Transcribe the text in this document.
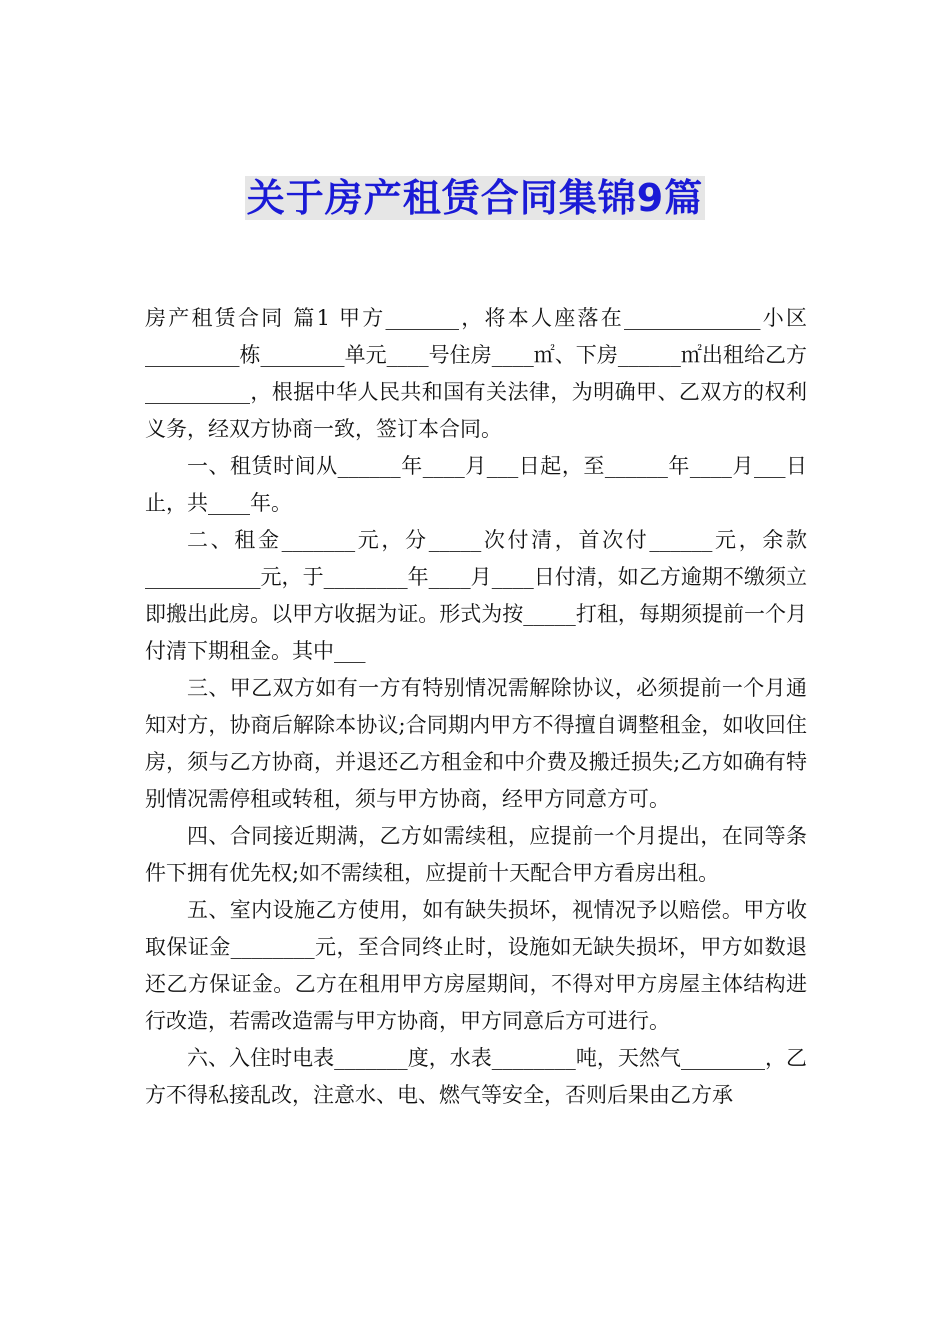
关于房产租赁合同集锦9篇

房产租赁合同 篇1 甲方_______，将本人座落在_____________小区_________栋________单元____号住房____㎡、下房______㎡出租给乙方__________，根据中华人民共和国有关法律，为明确甲、乙双方的权利义务，经双方协商一致，签订本合同。

一、租赁时间从______年____月___日起，至______年____月___日止，共____年。

二、租金_______元，分_____次付清，首次付______元，余款___________元，于________年____月____日付清，如乙方逾期不缴须立即搬出此房。以甲方收据为证。形式为按_____打租，每期须提前一个月付清下期租金。其中___

三、甲乙双方如有一方有特别情况需解除协议，必须提前一个月通知对方，协商后解除本协议;合同期内甲方不得擅自调整租金，如收回住房，须与乙方协商，并退还乙方租金和中介费及搬迁损失;乙方如确有特别情况需停租或转租，须与甲方协商，经甲方同意方可。

四、合同接近期满，乙方如需续租，应提前一个月提出，在同等条件下拥有优先权;如不需续租，应提前十天配合甲方看房出租。

五、室内设施乙方使用，如有缺失损坏，视情况予以赔偿。甲方收取保证金________元，至合同终止时，设施如无缺失损坏，甲方如数退还乙方保证金。乙方在租用甲方房屋期间，不得对甲方房屋主体结构进行改造，若需改造需与甲方协商，甲方同意后方可进行。

六、入住时电表_______度，水表________吨，天然气________，乙方不得私接乱改，注意水、电、燃气等安全，否则后果由乙方承
